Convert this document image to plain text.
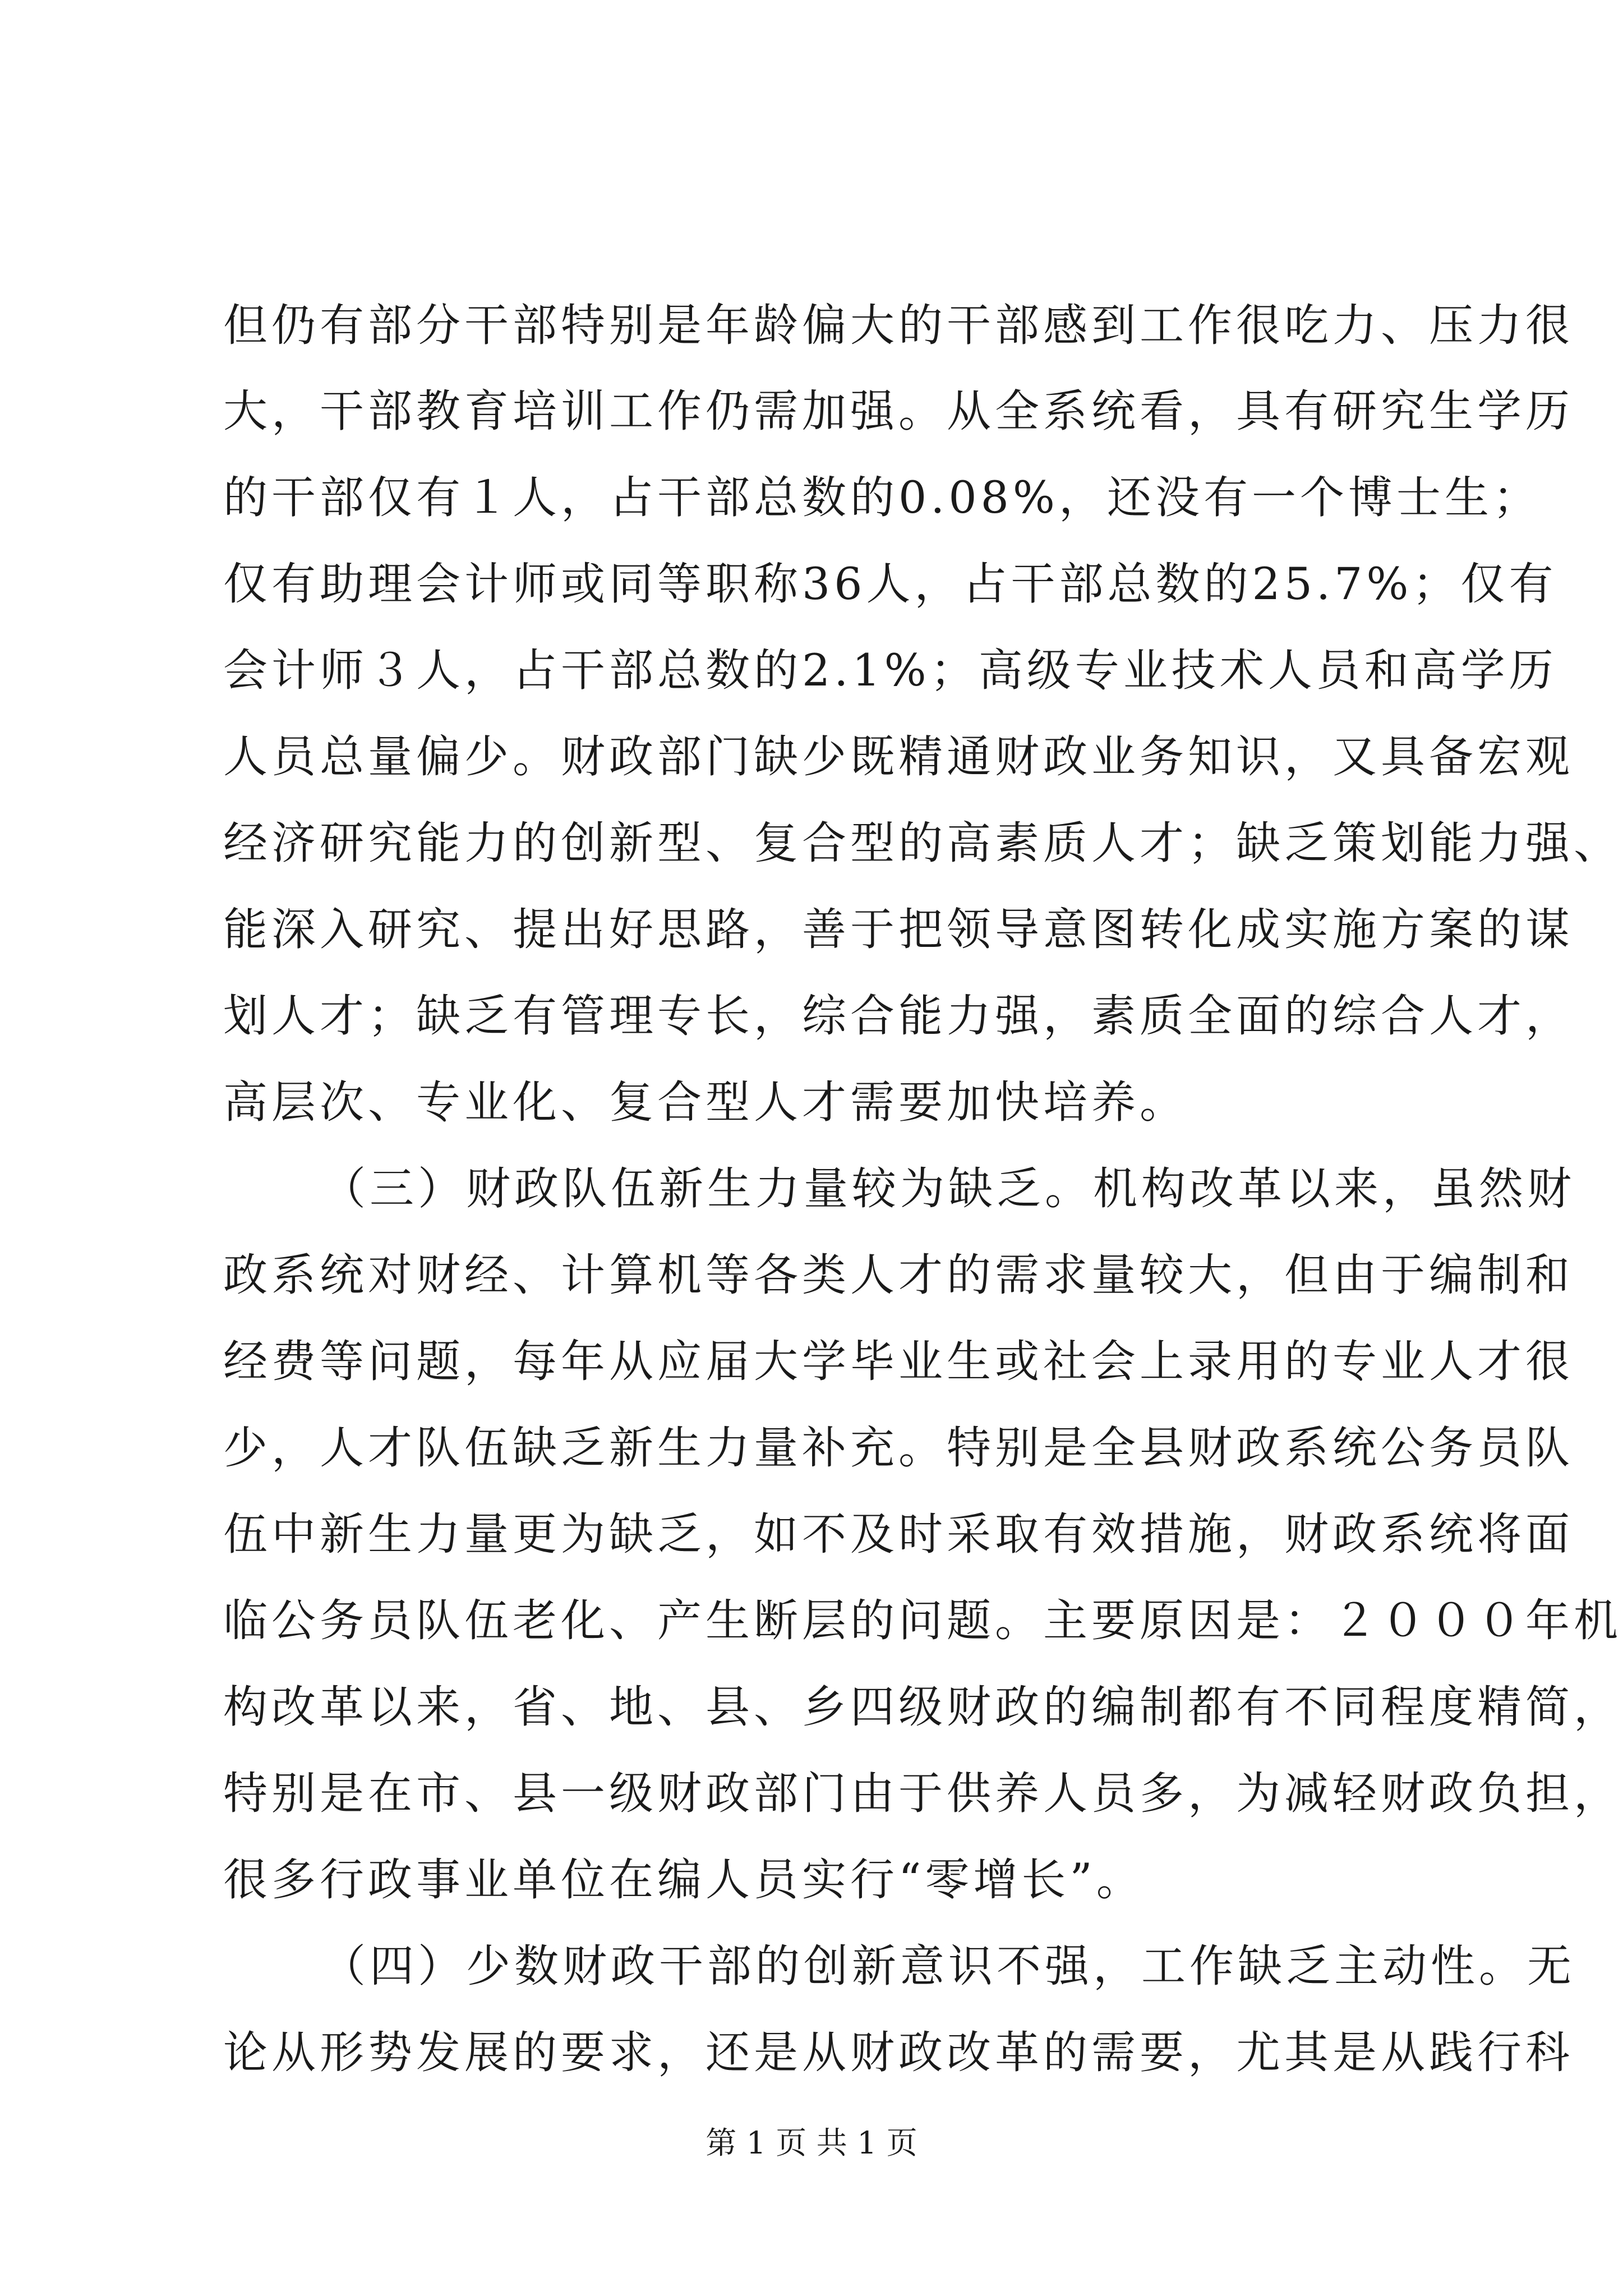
但仍有部分干部特别是年龄偏大的干部感到工作很吃力、压力很
大，干部教育培训工作仍需加强。从全系统看，具有研究生学历
的干部仅有１人，占干部总数的0.08%，还没有一个博士生；
仅有助理会计师或同等职称36人，占干部总数的25.7%；仅有
会计师３人，占干部总数的2.1%；高级专业技术人员和高学历
人员总量偏少。财政部门缺少既精通财政业务知识，又具备宏观
经济研究能力的创新型、复合型的高素质人才；缺乏策划能力强、
能深入研究、提出好思路，善于把领导意图转化成实施方案的谋
划人才；缺乏有管理专长，综合能力强，素质全面的综合人才，
高层次、专业化、复合型人才需要加快培养。
（三）财政队伍新生力量较为缺乏。机构改革以来，虽然财
政系统对财经、计算机等各类人才的需求量较大，但由于编制和
经费等问题，每年从应届大学毕业生或社会上录用的专业人才很
少，人才队伍缺乏新生力量补充。特别是全县财政系统公务员队
伍中新生力量更为缺乏，如不及时采取有效措施，财政系统将面
临公务员队伍老化、产生断层的问题。主要原因是：２０００年机
构改革以来，省、地、县、乡四级财政的编制都有不同程度精简，
特别是在市、县一级财政部门由于供养人员多，为减轻财政负担，
很多行政事业单位在编人员实行“零增长”。
（四）少数财政干部的创新意识不强，工作缺乏主动性。无
论从形势发展的要求，还是从财政改革的需要，尤其是从践行科
第 1 页 共 1 页
